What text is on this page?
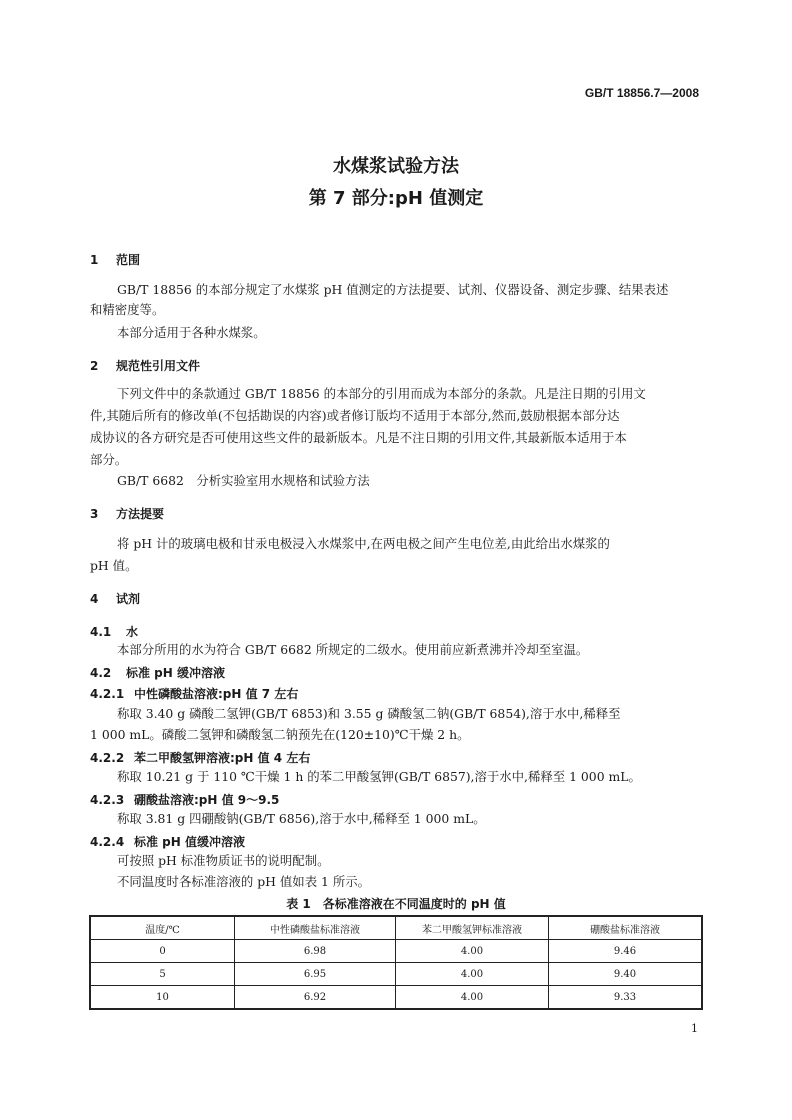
GB/T 18856.7—2008
水煤浆试验方法
第 7 部分:pH 值测定
1 范围
GB/T 18856 的本部分规定了水煤浆 pH 值测定的方法提要、试剂、仪器设备、测定步骤、结果表述
和精密度等。
本部分适用于各种水煤浆。
2 规范性引用文件
下列文件中的条款通过 GB/T 18856 的本部分的引用而成为本部分的条款。凡是注日期的引用文
件,其随后所有的修改单(不包括勘误的内容)或者修订版均不适用于本部分,然而,鼓励根据本部分达
成协议的各方研究是否可使用这些文件的最新版本。凡是不注日期的引用文件,其最新版本适用于本
部分。
GB/T 6682　分析实验室用水规格和试验方法
3 方法提要
将 pH 计的玻璃电极和甘汞电极浸入水煤浆中,在两电极之间产生电位差,由此给出水煤浆的
pH 值。
4 试剂
4.1 水
本部分所用的水为符合 GB/T 6682 所规定的二级水。使用前应新煮沸并冷却至室温。
4.2 标准 pH 缓冲溶液
4.2.1 中性磷酸盐溶液:pH 值 7 左右
称取 3.40 g 磷酸二氢钾(GB/T 6853)和 3.55 g 磷酸氢二钠(GB/T 6854),溶于水中,稀释至
1 000 mL。磷酸二氢钾和磷酸氢二钠预先在(120±10)℃干燥 2 h。
4.2.2 苯二甲酸氢钾溶液:pH 值 4 左右
称取 10.21 g 于 110 ℃干燥 1 h 的苯二甲酸氢钾(GB/T 6857),溶于水中,稀释至 1 000 mL。
4.2.3 硼酸盐溶液:pH 值 9～9.5
称取 3.81 g 四硼酸钠(GB/T 6856),溶于水中,稀释至 1 000 mL。
4.2.4 标准 pH 值缓冲溶液
可按照 pH 标准物质证书的说明配制。
不同温度时各标准溶液的 pH 值如表 1 所示。
表 1　各标准溶液在不同温度时的 pH 值
温度/℃	中性磷酸盐标准溶液	苯二甲酸氢钾标准溶液	硼酸盐标准溶液
0	6.98	4.00	9.46
5	6.95	4.00	9.40
10	6.92	4.00	9.33
1
